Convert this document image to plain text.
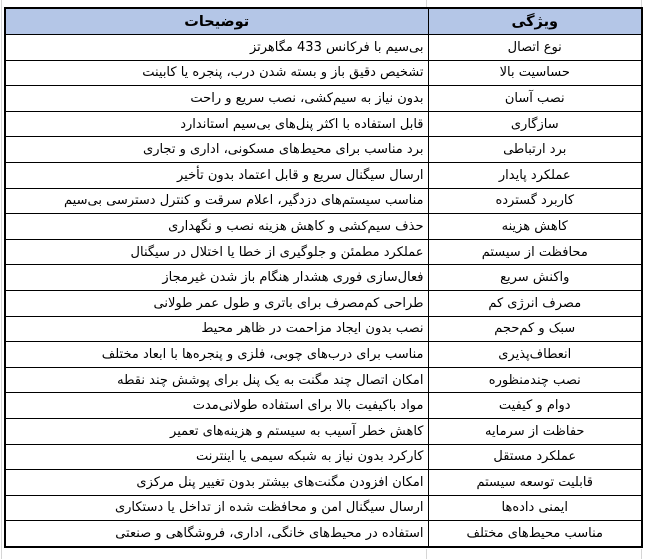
ویژگی	توضیحات
نوع اتصال	بی‌سیم با فرکانس 433 مگاهرتز
حساسیت بالا	تشخیص دقیق باز و بسته شدن درب، پنجره یا کابینت
نصب آسان	بدون نیاز به سیم‌کشی، نصب سریع و راحت
سازگاری	قابل استفاده با اکثر پنل‌های بی‌سیم استاندارد
برد ارتباطی	برد مناسب برای محیط‌های مسکونی، اداری و تجاری
عملکرد پایدار	ارسال سیگنال سریع و قابل اعتماد بدون تأخیر
کاربرد گسترده	مناسب سیستم‌های دزدگیر، اعلام سرقت و کنترل دسترسی بی‌سیم
کاهش هزینه	حذف سیم‌کشی و کاهش هزینه نصب و نگهداری
محافظت از سیستم	عملکرد مطمئن و جلوگیری از خطا یا اختلال در سیگنال
واکنش سریع	فعال‌سازی فوری هشدار هنگام باز شدن غیرمجاز
مصرف انرژی کم	طراحی کم‌مصرف برای باتری و طول عمر طولانی
سبک و کم‌حجم	نصب بدون ایجاد مزاحمت در ظاهر محیط
انعطاف‌پذیری	مناسب برای درب‌های چوبی، فلزی و پنجره‌ها با ابعاد مختلف
نصب چندمنظوره	امکان اتصال چند مگنت به یک پنل برای پوشش چند نقطه
دوام و کیفیت	مواد باکیفیت بالا برای استفاده طولانی‌مدت
حفاظت از سرمایه	کاهش خطر آسیب به سیستم و هزینه‌های تعمیر
عملکرد مستقل	کارکرد بدون نیاز به شبکه سیمی یا اینترنت
قابلیت توسعه سیستم	امکان افزودن مگنت‌های بیشتر بدون تغییر پنل مرکزی
ایمنی داده‌ها	ارسال سیگنال امن و محافظت شده از تداخل یا دستکاری
مناسب محیط‌های مختلف	استفاده در محیط‌های خانگی، اداری، فروشگاهی و صنعتی
